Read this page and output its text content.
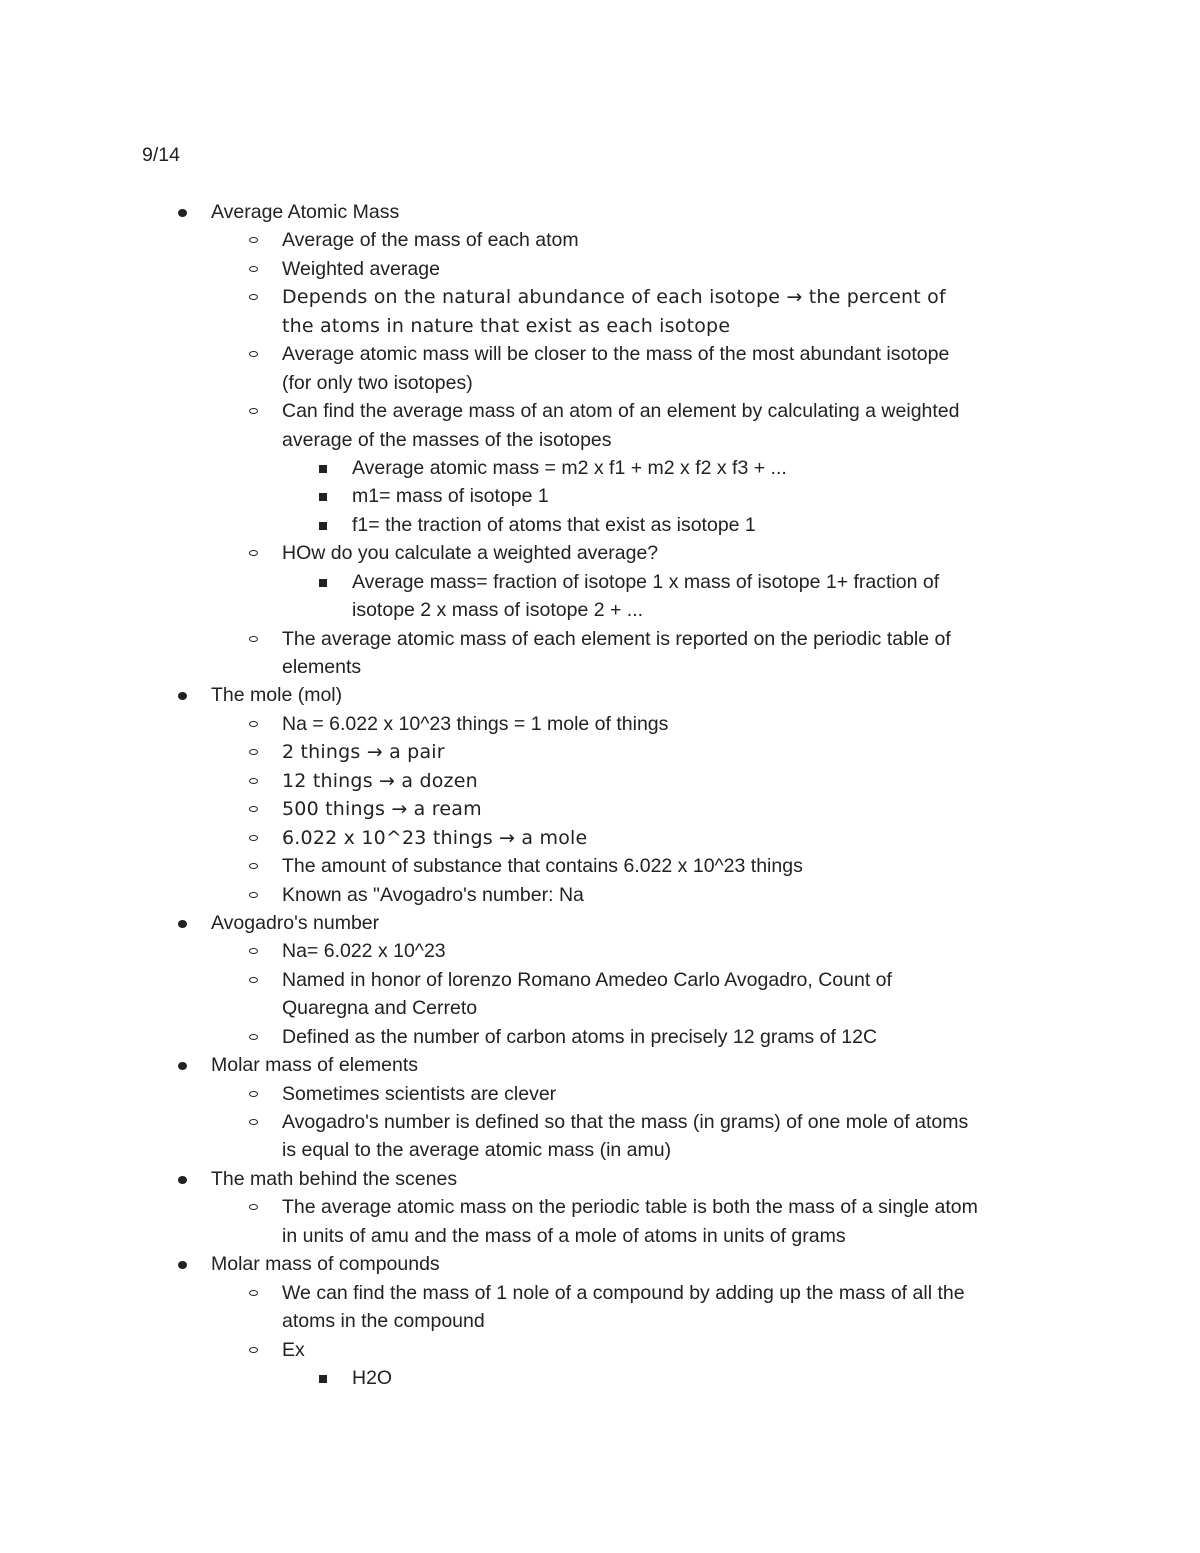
9/14
Average Atomic Mass
Average of the mass of each atom
Weighted average
Depends on the natural abundance of each isotope → the percent of
the atoms in nature that exist as each isotope
Average atomic mass will be closer to the mass of the most abundant isotope
(for only two isotopes)
Can find the average mass of an atom of an element by calculating a weighted
average of the masses of the isotopes
Average atomic mass = m2 x f1 + m2 x f2 x f3 + ...
m1= mass of isotope 1
f1= the traction of atoms that exist as isotope 1
HOw do you calculate a weighted average?
Average mass= fraction of isotope 1 x mass of isotope 1+ fraction of
isotope 2 x mass of isotope 2 + ...
The average atomic mass of each element is reported on the periodic table of
elements
The mole (mol)
Na = 6.022 x 10^23 things = 1 mole of things
2 things → a pair
12 things → a dozen
500 things → a ream
6.022 x 10^23 things → a mole
The amount of substance that contains 6.022 x 10^23 things
Known as "Avogadro's number: Na
Avogadro's number
Na= 6.022 x 10^23
Named in honor of lorenzo Romano Amedeo Carlo Avogadro, Count of
Quaregna and Cerreto
Defined as the number of carbon atoms in precisely 12 grams of 12C
Molar mass of elements
Sometimes scientists are clever
Avogadro's number is defined so that the mass (in grams) of one mole of atoms
is equal to the average atomic mass (in amu)
The math behind the scenes
The average atomic mass on the periodic table is both the mass of a single atom
in units of amu and the mass of a mole of atoms in units of grams
Molar mass of compounds
We can find the mass of 1 nole of a compound by adding up the mass of all the
atoms in the compound
Ex
H2O
